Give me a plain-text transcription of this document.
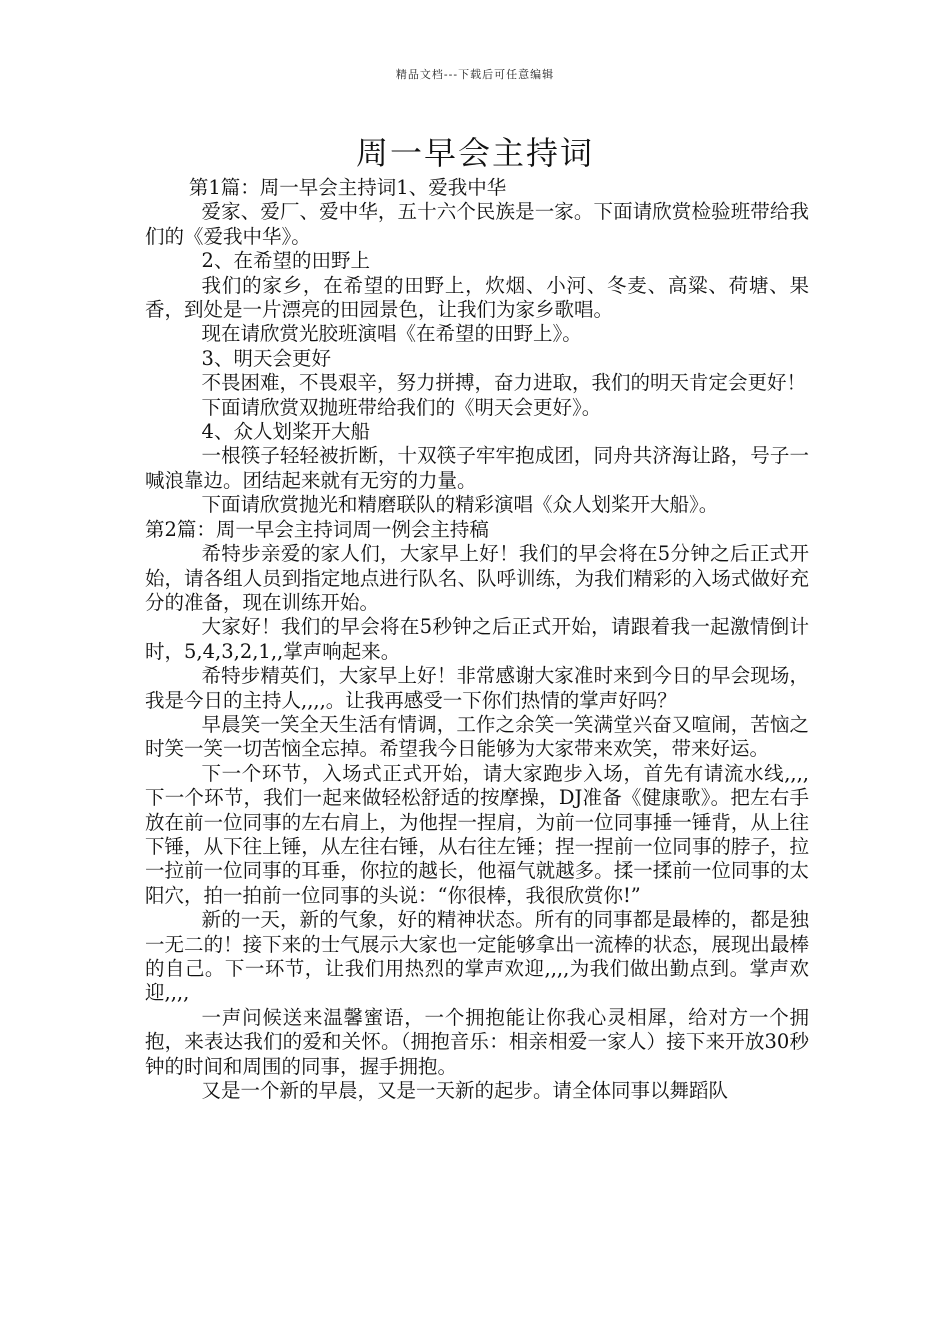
精品文档---下载后可任意编辑
周一早会主持词

第1篇：周一早会主持词1、爱我中华

爱家、爱厂、爱中华，五十六个民族是一家。下面请欣赏检验班带给我们的《爱我中华》。

2、在希望的田野上

我们的家乡，在希望的田野上，炊烟、小河、冬麦、高粱、荷塘、果香，到处是一片漂亮的田园景色，让我们为家乡歌唱。

现在请欣赏光胶班演唱《在希望的田野上》。

3、明天会更好

不畏困难，不畏艰辛，努力拼搏，奋力进取，我们的明天肯定会更好！

下面请欣赏双抛班带给我们的《明天会更好》。

4、众人划桨开大船

一根筷子轻轻被折断，十双筷子牢牢抱成团，同舟共济海让路，号子一喊浪靠边。团结起来就有无穷的力量。

下面请欣赏抛光和精磨联队的精彩演唱《众人划桨开大船》。

第2篇：周一早会主持词周一例会主持稿

希特步亲爱的家人们，大家早上好！我们的早会将在5分钟之后正式开始，请各组人员到指定地点进行队名、队呼训练，为我们精彩的入场式做好充分的准备，现在训练开始。

大家好！我们的早会将在5秒钟之后正式开始，请跟着我一起激情倒计时，5,4,3,2,1,,掌声响起来。

希特步精英们，大家早上好！非常感谢大家准时来到今日的早会现场，我是今日的主持人,,,,。让我再感受一下你们热情的掌声好吗？

早晨笑一笑全天生活有情调，工作之余笑一笑满堂兴奋又喧闹，苦恼之时笑一笑一切苦恼全忘掉。希望我今日能够为大家带来欢笑，带来好运。

下一个环节，入场式正式开始，请大家跑步入场，首先有请流水线,,,, 下一个环节，我们一起来做轻松舒适的按摩操，DJ准备《健康歌》。把左右手放在前一位同事的左右肩上，为他捏一捏肩，为前一位同事捶一锤背，从上往下锤，从下往上锤，从左往右锤，从右往左锤；捏一捏前一位同事的脖子，拉一拉前一位同事的耳垂，你拉的越长，他福气就越多。揉一揉前一位同事的太阳穴，拍一拍前一位同事的头说：“你很棒，我很欣赏你!”

新的一天，新的气象，好的精神状态。所有的同事都是最棒的，都是独一无二的！接下来的士气展示大家也一定能够拿出一流棒的状态，展现出最棒的自己。下一环节，让我们用热烈的掌声欢迎,,,,为我们做出勤点到。掌声欢迎,,,,

一声问候送来温馨蜜语，一个拥抱能让你我心灵相犀，给对方一个拥抱，来表达我们的爱和关怀。（拥抱音乐：相亲相爱一家人）接下来开放30秒钟的时间和周围的同事，握手拥抱。

又是一个新的早晨，又是一天新的起步。请全体同事以舞蹈队
